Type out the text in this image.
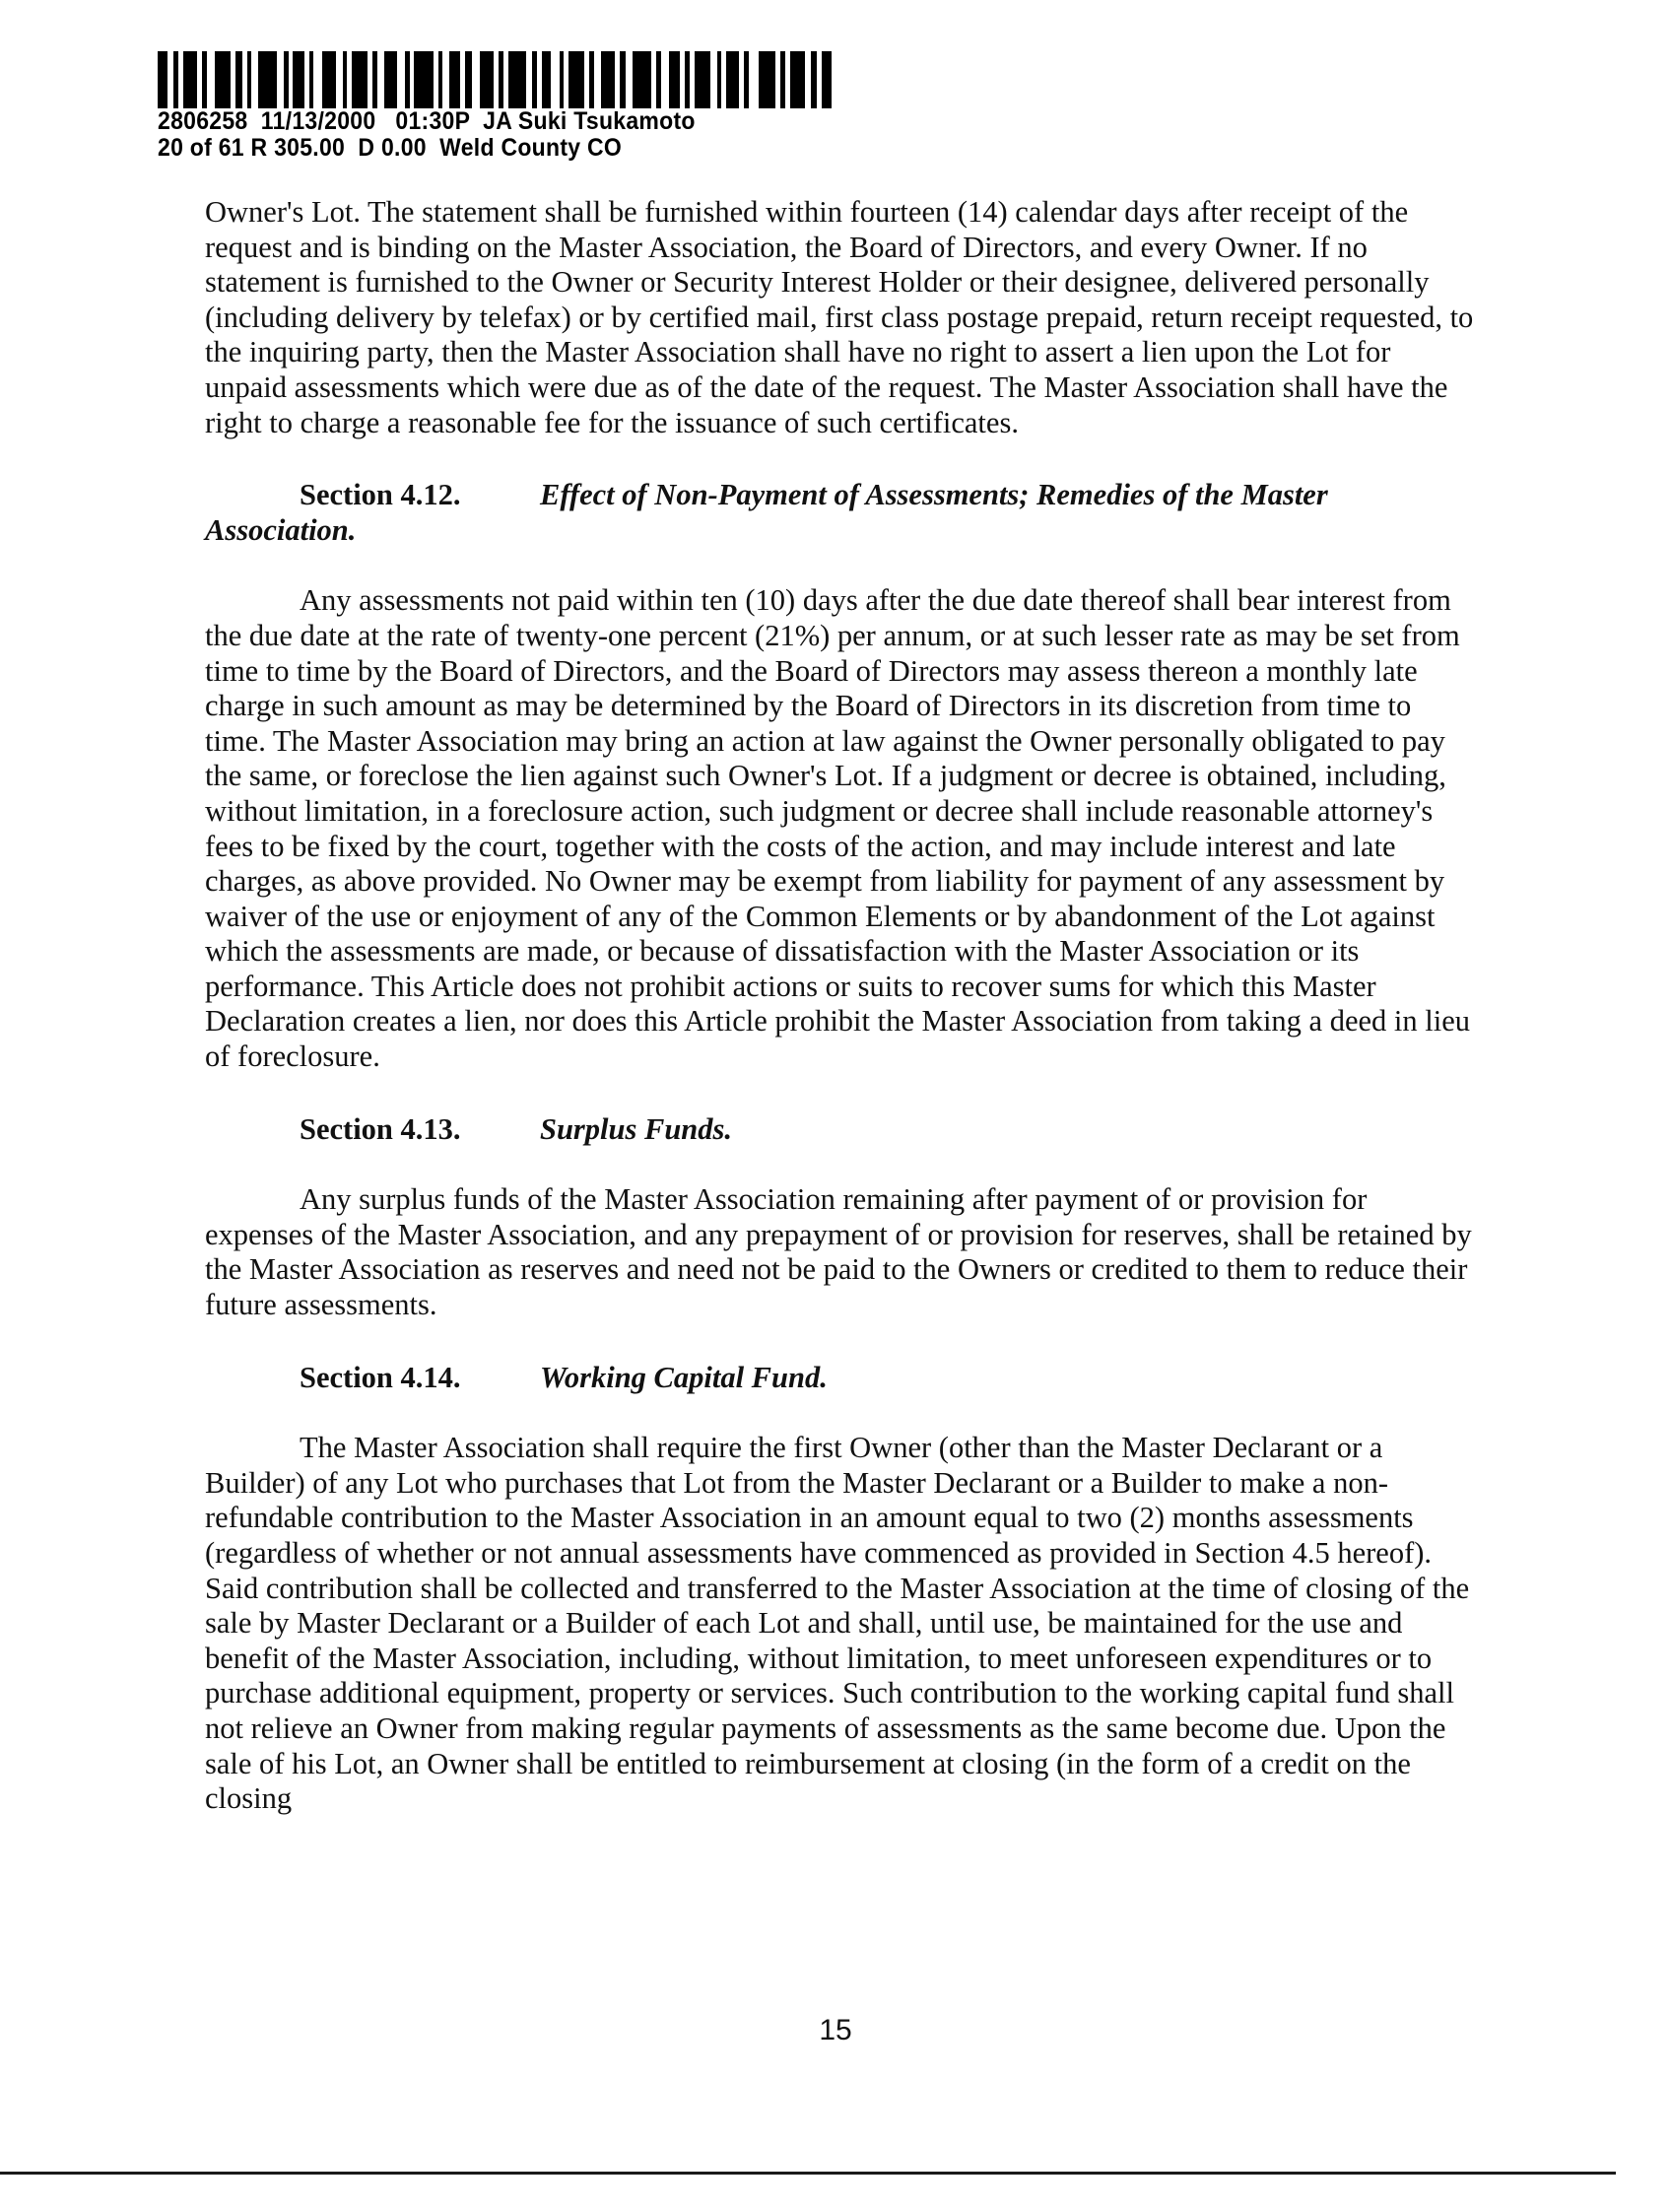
2806258  11/13/2000   01:30P  JA Suki Tsukamoto
20 of 61 R 305.00  D 0.00  Weld County CO

Owner's Lot. The statement shall be furnished within fourteen (14) calendar days after receipt of the request and is binding on the Master Association, the Board of Directors, and every Owner. If no statement is furnished to the Owner or Security Interest Holder or their designee, delivered personally (including delivery by telefax) or by certified mail, first class postage prepaid, return receipt requested, to the inquiring party, then the Master Association shall have no right to assert a lien upon the Lot for unpaid assessments which were due as of the date of the request. The Master Association shall have the right to charge a reasonable fee for the issuance of such certificates.

Section 4.12.	Effect of Non-Payment of Assessments; Remedies of the Master Association.

Any assessments not paid within ten (10) days after the due date thereof shall bear interest from the due date at the rate of twenty-one percent (21%) per annum, or at such lesser rate as may be set from time to time by the Board of Directors, and the Board of Directors may assess thereon a monthly late charge in such amount as may be determined by the Board of Directors in its discretion from time to time. The Master Association may bring an action at law against the Owner personally obligated to pay the same, or foreclose the lien against such Owner's Lot. If a judgment or decree is obtained, including, without limitation, in a foreclosure action, such judgment or decree shall include reasonable attorney's fees to be fixed by the court, together with the costs of the action, and may include interest and late charges, as above provided. No Owner may be exempt from liability for payment of any assessment by waiver of the use or enjoyment of any of the Common Elements or by abandonment of the Lot against which the assessments are made, or because of dissatisfaction with the Master Association or its performance. This Article does not prohibit actions or suits to recover sums for which this Master Declaration creates a lien, nor does this Article prohibit the Master Association from taking a deed in lieu of foreclosure.

Section 4.13.	Surplus Funds.

Any surplus funds of the Master Association remaining after payment of or provision for expenses of the Master Association, and any prepayment of or provision for reserves, shall be retained by the Master Association as reserves and need not be paid to the Owners or credited to them to reduce their future assessments.

Section 4.14.	Working Capital Fund.

The Master Association shall require the first Owner (other than the Master Declarant or a Builder) of any Lot who purchases that Lot from the Master Declarant or a Builder to make a non-refundable contribution to the Master Association in an amount equal to two (2) months assessments (regardless of whether or not annual assessments have commenced as provided in Section 4.5 hereof). Said contribution shall be collected and transferred to the Master Association at the time of closing of the sale by Master Declarant or a Builder of each Lot and shall, until use, be maintained for the use and benefit of the Master Association, including, without limitation, to meet unforeseen expenditures or to purchase additional equipment, property or services. Such contribution to the working capital fund shall not relieve an Owner from making regular payments of assessments as the same become due. Upon the sale of his Lot, an Owner shall be entitled to reimbursement at closing (in the form of a credit on the closing

15
